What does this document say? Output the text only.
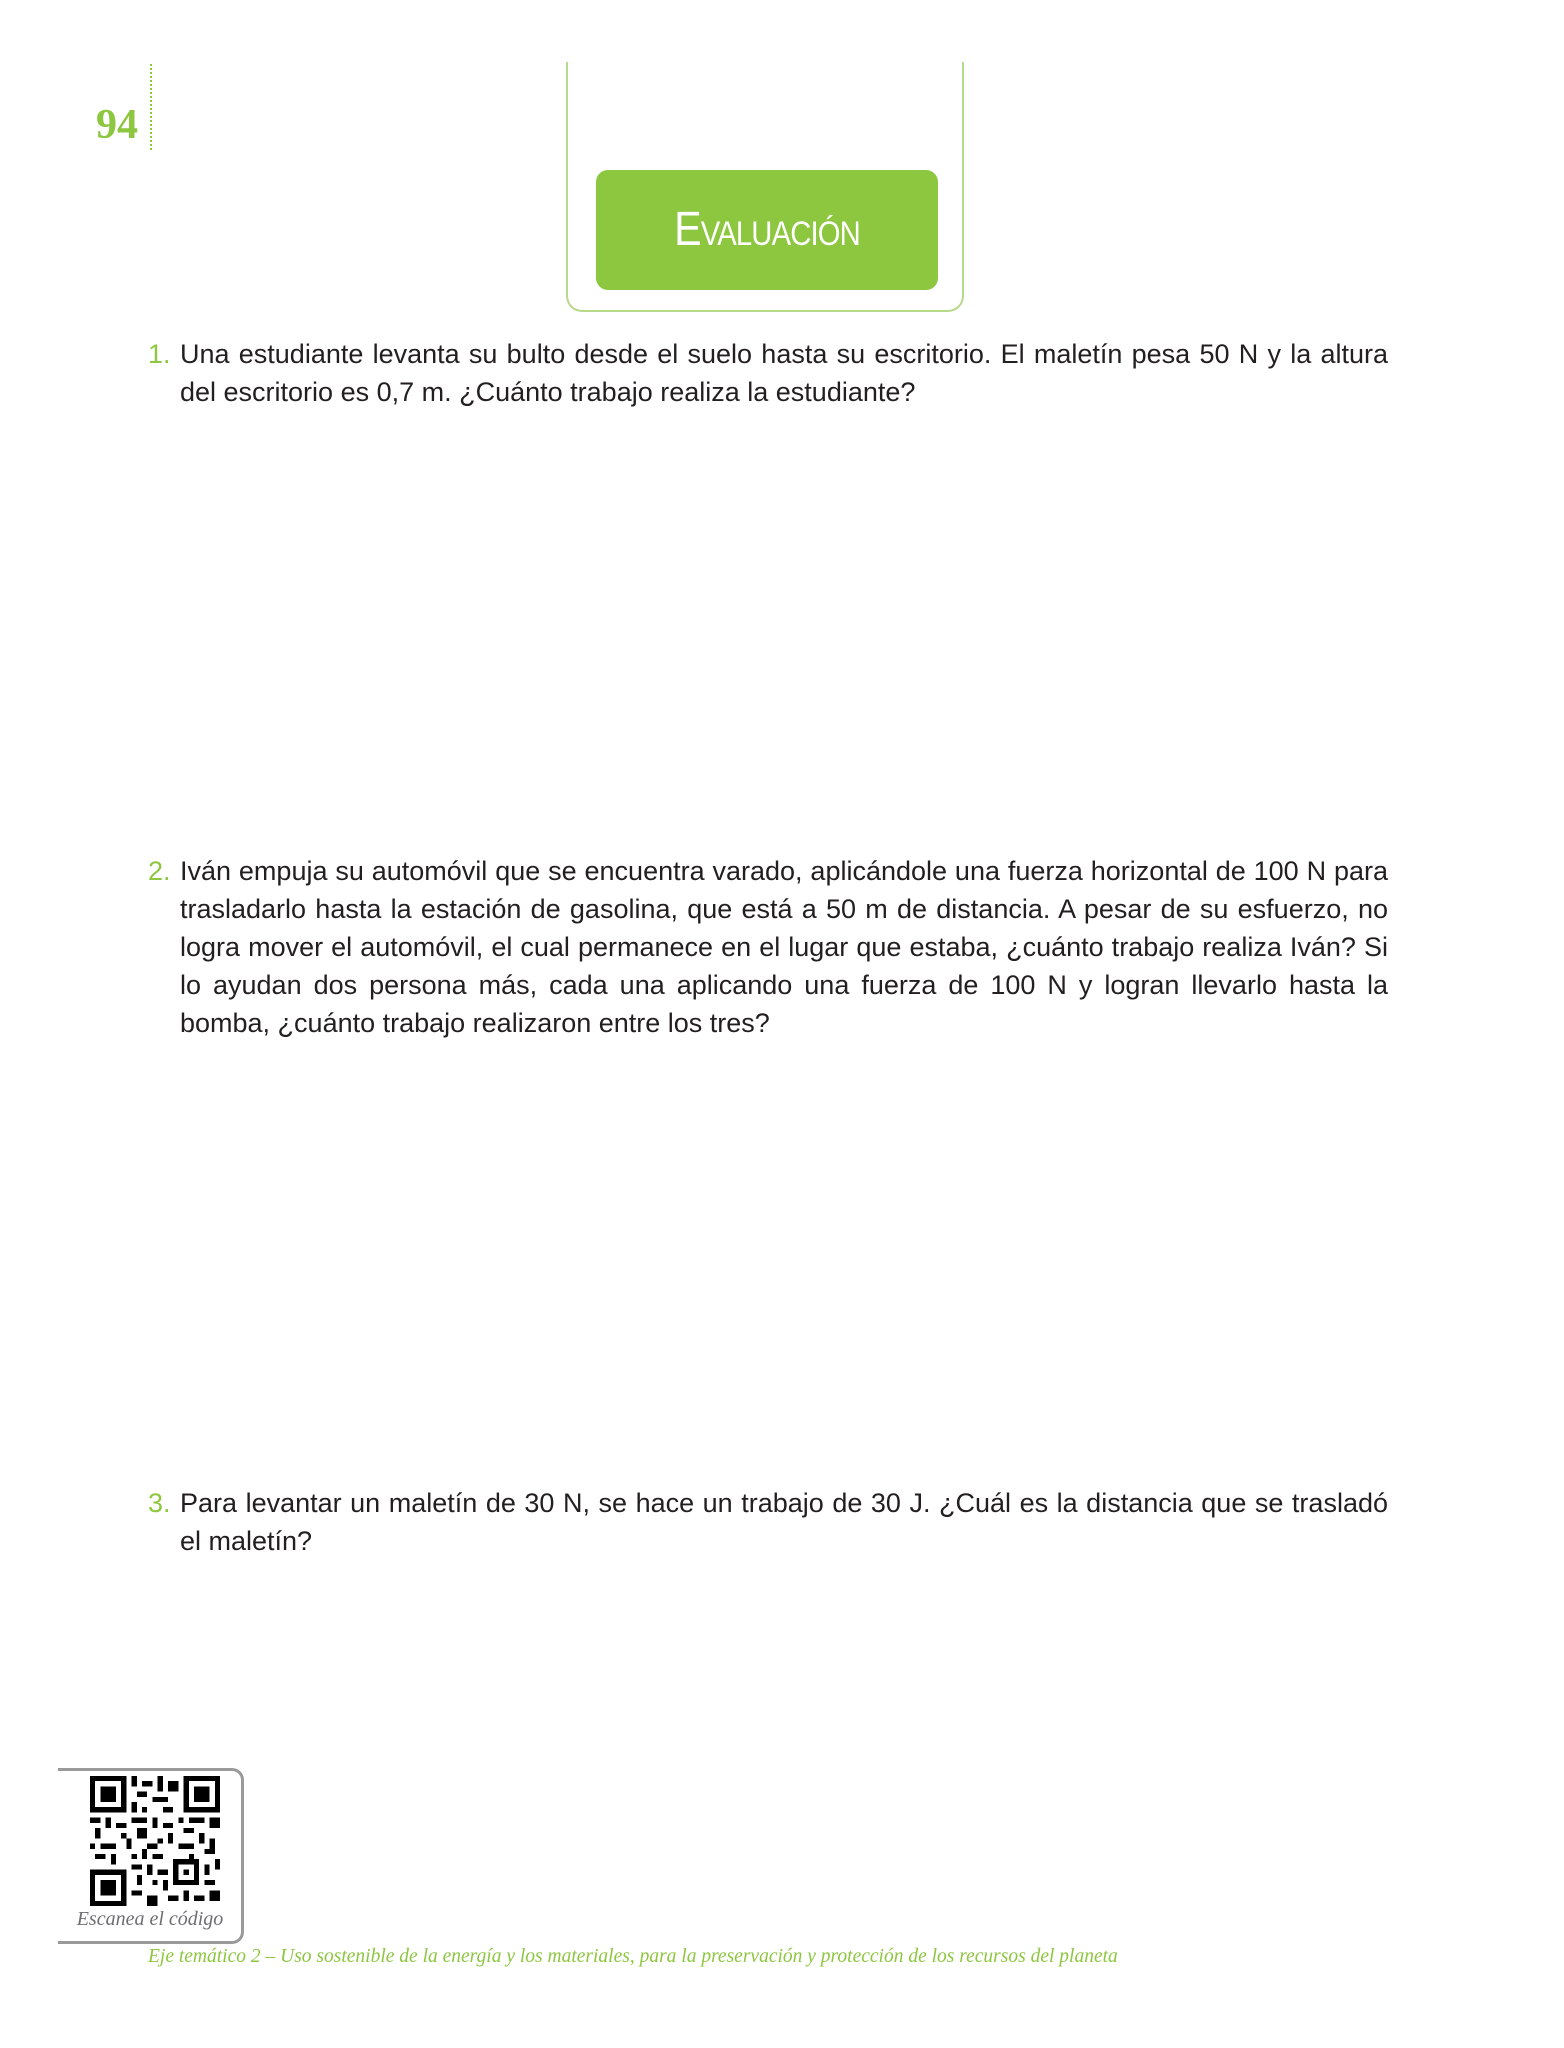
94
Evaluación
1. Una estudiante levanta su bulto desde el suelo hasta su escritorio. El maletín pesa 50 N y la altura del escritorio es 0,7 m. ¿Cuánto trabajo realiza la estudiante?
2. Iván empuja su automóvil que se encuentra varado, aplicándole una fuerza horizontal de 100 N para trasladarlo hasta la estación de gasolina, que está a 50 m de distancia. A pesar de su esfuerzo, no logra mover el automóvil, el cual permanece en el lugar que estaba, ¿cuánto trabajo realiza Iván? Si lo ayudan dos persona más, cada una aplicando una fuerza de 100 N y logran llevarlo hasta la bomba, ¿cuánto trabajo realizaron entre los tres?
3. Para levantar un maletín de 30 N, se hace un trabajo de 30 J. ¿Cuál es la distancia que se trasladó el maletín?
Escanea el código
Eje temático 2 – Uso sostenible de la energía y los materiales, para la preservación y protección de los recursos del planeta
